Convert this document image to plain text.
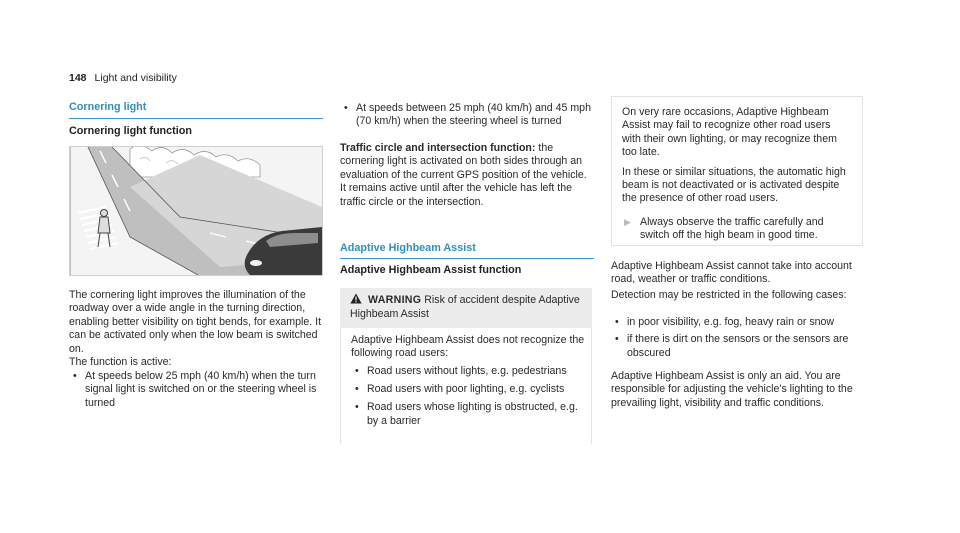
148 Light and visibility
Cornering light
Cornering light function

The cornering light improves the illumination of the roadway over a wide angle in the turning direction, enabling better visibility on tight bends, for example. It can be activated only when the low beam is switched on.

The function is active:

• At speeds below 25 mph (40 km/h) when the turn signal light is switched on or the steering wheel is turned
• At speeds between 25 mph (40 km/h) and 45 mph (70 km/h) when the steering wheel is turned

Traffic circle and intersection function: the cornering light is activated on both sides through an evaluation of the current GPS position of the vehicle. It remains active until after the vehicle has left the traffic circle or the intersection.

Adaptive Highbeam Assist
Adaptive Highbeam Assist function
WARNING Risk of accident despite Adaptive Highbeam Assist

Adaptive Highbeam Assist does not recognize the following road users:

• Road users without lights, e.g. pedestrians
• Road users with poor lighting, e.g. cyclists
• Road users whose lighting is obstructed, e.g. by a barrier

On very rare occasions, Adaptive Highbeam Assist may fail to recognize other road users with their own lighting, or may recognize them too late.

In these or similar situations, the automatic high beam is not deactivated or is activated despite the presence of other road users.

▶ Always observe the traffic carefully and switch off the high beam in good time.

Adaptive Highbeam Assist cannot take into account road, weather or traffic conditions.

Detection may be restricted in the following cases:

• in poor visibility, e.g. fog, heavy rain or snow
• if there is dirt on the sensors or the sensors are obscured

Adaptive Highbeam Assist is only an aid. You are responsible for adjusting the vehicle's lighting to the prevailing light, visibility and traffic conditions.
